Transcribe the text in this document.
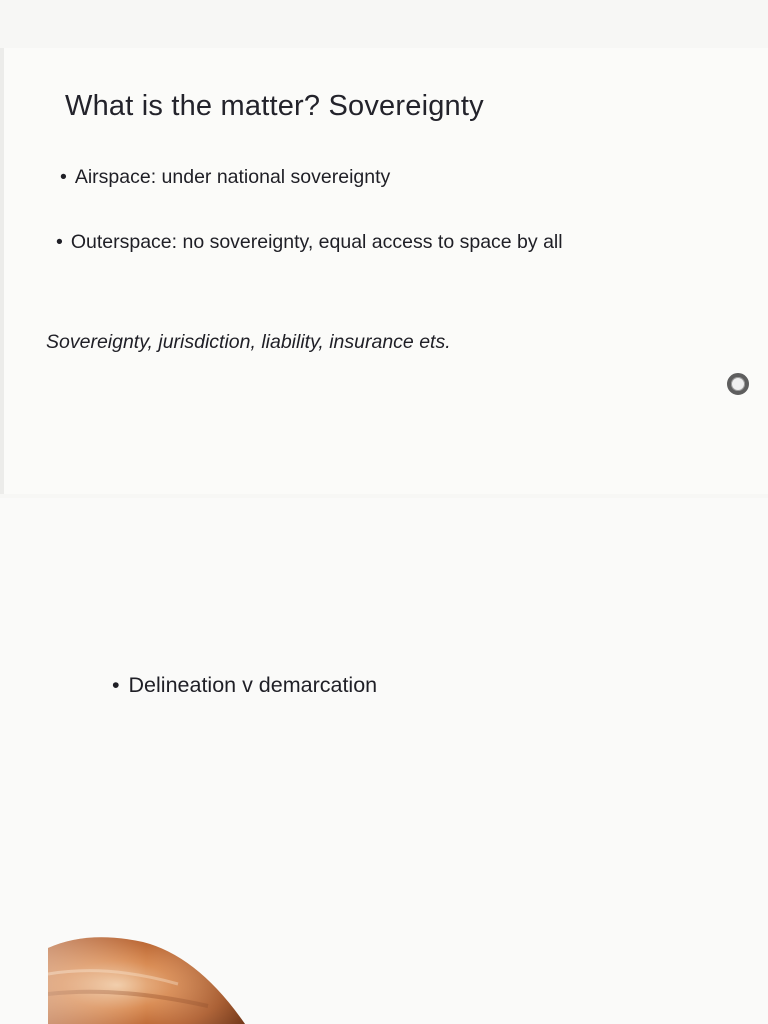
What is the matter? Sovereignty

• Airspace: under national sovereignty

• Outerspace: no sovereignty, equal access to space by all

Sovereignty, jurisdiction, liability, insurance ets.

• Delineation v demarcation
